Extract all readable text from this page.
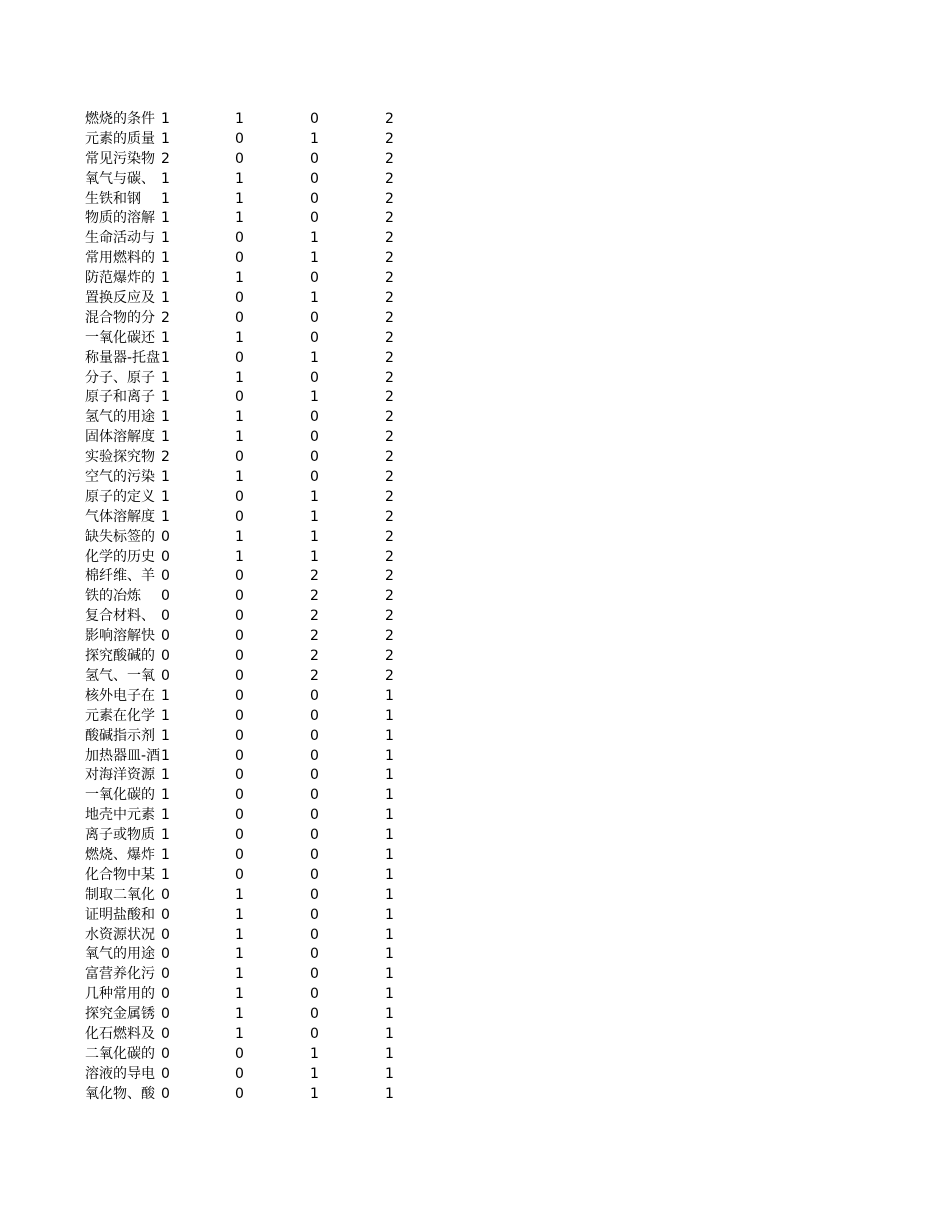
燃烧的条件 1	1	0	2
元素的质量 1	0	1	2
常见污染物 2	0	0	2
氧气与碳、 1	1	0	2
生铁和钢	1	1	0	2
物质的溶解 1	1	0	2
生命活动与 1	0	1	2
常用燃料的 1	0	1	2
防范爆炸的 1	1	0	2
置换反应及 1	0	1	2
混合物的分 2	0	0	2
一氧化碳还 1	1	0	2
称量器-托盘 1	0	1	2
分子、原子 1	1	0	2
原子和离子 1	0	1	2
氢气的用途 1	1	0	2
固体溶解度 1	1	0	2
实验探究物 2	0	0	2
空气的污染 1	1	0	2
原子的定义 1	0	1	2
气体溶解度 1	0	1	2
缺失标签的 0	1	1	2
化学的历史 0	1	1	2
棉纤维、羊 0	0	2	2
铁的冶炼	0	0	2	2
复合材料、 0	0	2	2
影响溶解快 0	0	2	2
探究酸碱的 0	0	2	2
氢气、一氧 0	0	2	2
核外电子在 1	0	0	1
元素在化学 1	0	0	1
酸碱指示剂 1	0	0	1
加热器皿-酒 1	0	0	1
对海洋资源 1	0	0	1
一氧化碳的 1	0	0	1
地壳中元素 1	0	0	1
离子或物质 1	0	0	1
燃烧、爆炸 1	0	0	1
化合物中某 1	0	0	1
制取二氧化 0	1	0	1
证明盐酸和 0	1	0	1
水资源状况 0	1	0	1
氧气的用途 0	1	0	1
富营养化污 0	1	0	1
几种常用的 0	1	0	1
探究金属锈 0	1	0	1
化石燃料及 0	1	0	1
二氧化碳的 0	0	1	1
溶液的导电 0	0	1	1
氧化物、酸 0	0	1	1
